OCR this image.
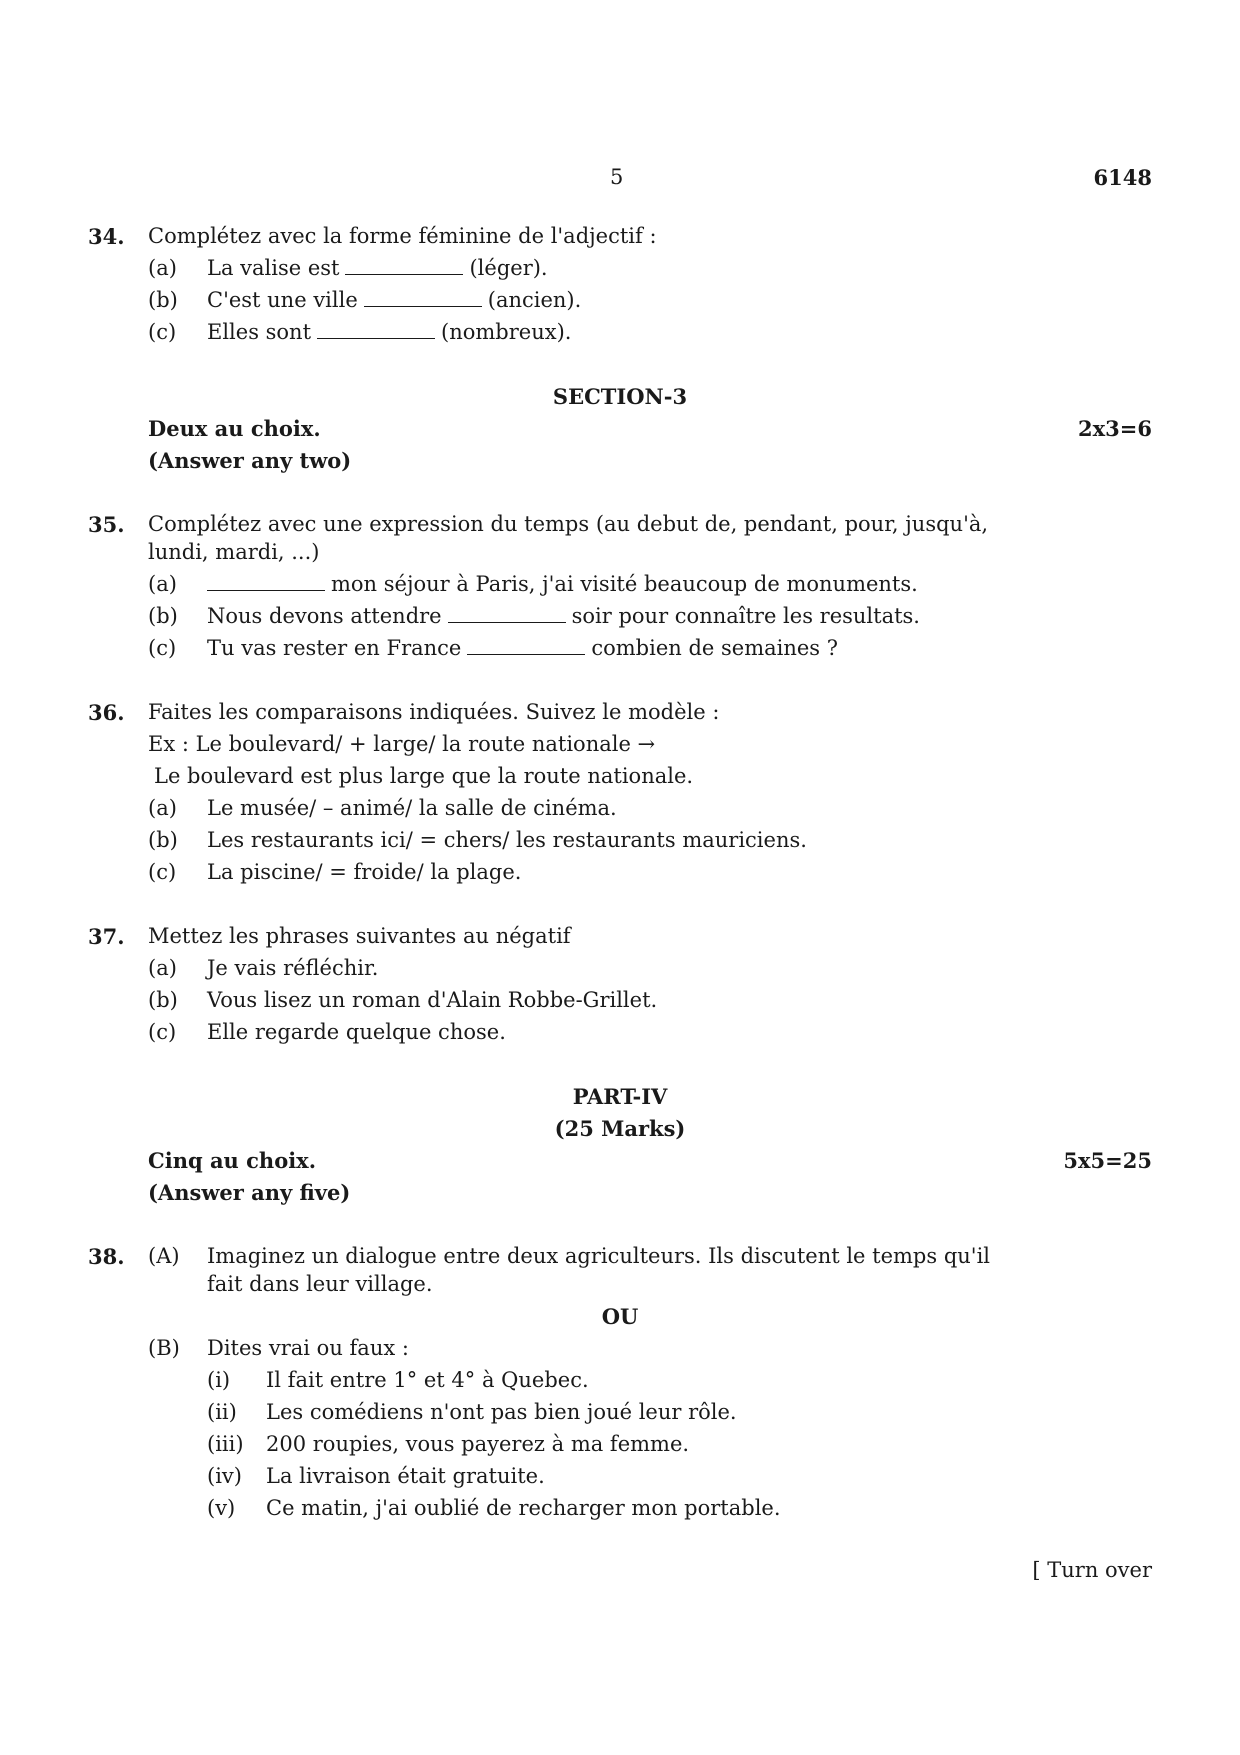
5	6148
34. Complétez avec la forme féminine de l'adjectif :
(a) La valise est	(léger).
(b) C'est une ville	(ancien).
(c) Elles sont	(nombreux).
SECTION-3
Deux au choix.	2x3=6
(Answer any two)
35. Complétez avec une expression du temps (au debut de, pendant, pour, jusqu'à,
lundi, mardi, ...)
(a)	mon séjour à Paris, j'ai visité beaucoup de monuments.
(b) Nous devons attendre	soir pour connaître les resultats.
(c) Tu vas rester en France	combien de semaines ?
36. Faites les comparaisons indiquées. Suivez le modèle :
Ex : Le boulevard/ + large/ la route nationale →
Le boulevard est plus large que la route nationale.
(a) Le musée/ – animé/ la salle de cinéma.
(b) Les restaurants ici/ = chers/ les restaurants mauriciens.
(c) La piscine/ = froide/ la plage.
37. Mettez les phrases suivantes au négatif
(a) Je vais réfléchir.
(b) Vous lisez un roman d'Alain Robbe-Grillet.
(c) Elle regarde quelque chose.
PART-IV
(25 Marks)
Cinq au choix.	5x5=25
(Answer any five)
38. (A) Imaginez un dialogue entre deux agriculteurs. Ils discutent le temps qu'il
fait dans leur village.
OU
(B) Dites vrai ou faux :
(i) Il fait entre 1° et 4° à Quebec.
(ii) Les comédiens n'ont pas bien joué leur rôle.
(iii) 200 roupies, vous payerez à ma femme.
(iv) La livraison était gratuite.
(v) Ce matin, j'ai oublié de recharger mon portable.
[ Turn over
